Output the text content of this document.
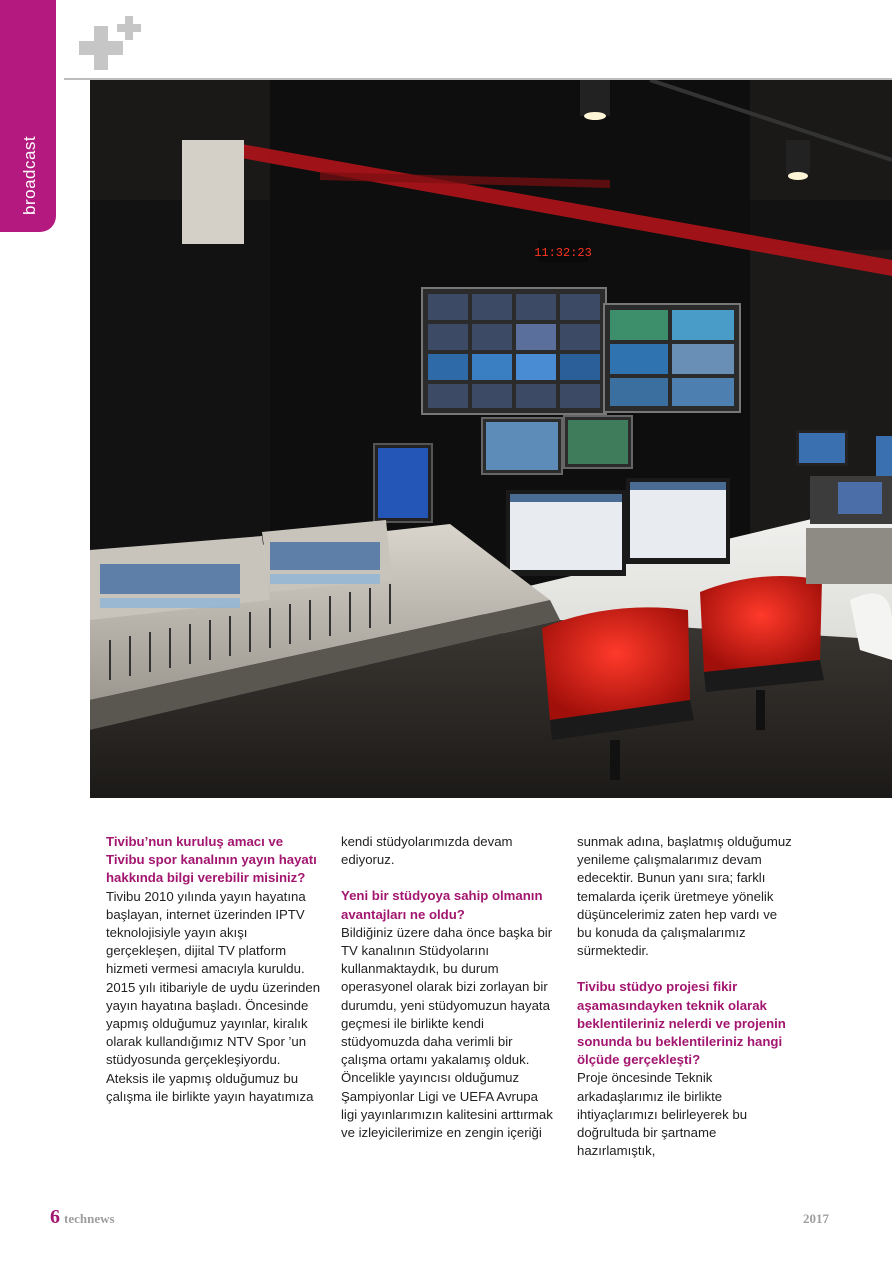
broadcast
11:32:23
Tivibu’nun kuruluş amacı ve Tivibu spor kanalının yayın hayatı hakkında bilgi verebilir misiniz?

Tivibu 2010 yılında yayın hayatına başlayan, internet üzerinden IPTV teknolojisiyle yayın akışı gerçekleşen, dijital TV platform hizmeti vermesi amacıyla kuruldu. 2015 yılı itibariyle de uydu üzerinden yayın hayatına başladı. Öncesinde yapmış olduğumuz yayınlar, kiralık olarak kullandığımız NTV Spor ’un stüdyosunda gerçekleşiyordu. Ateksis ile yapmış olduğumuz bu çalışma ile birlikte yayın hayatımıza

kendi stüdyolarımızda devam ediyoruz.

Yeni bir stüdyoya sahip olmanın avantajları ne oldu?

Bildiğiniz üzere daha önce başka bir TV kanalının Stüdyolarını kullanmaktaydık, bu durum operasyonel olarak bizi zorlayan bir durumdu, yeni stüdyomuzun hayata geçmesi ile birlikte kendi stüdyomuzda daha verimli bir çalışma ortamı yakalamış olduk. Öncelikle yayıncısı olduğumuz Şampiyonlar Ligi ve UEFA Avrupa ligi yayınlarımızın kalitesini arttırmak ve izleyicilerimize en zengin içeriği

sunmak adına, başlatmış olduğumuz yenileme çalışmalarımız devam edecektir. Bunun yanı sıra; farklı temalarda içerik üretmeye yönelik düşüncelerimiz zaten hep vardı ve bu konuda da çalışmalarımız sürmektedir.

Tivibu stüdyo projesi fikir aşamasındayken teknik olarak beklentileriniz nelerdi ve projenin sonunda bu beklentileriniz hangi ölçüde gerçekleşti?

Proje öncesinde Teknik arkadaşlarımız ile birlikte ihtiyaçlarımızı belirleyerek bu doğrultuda bir şartname hazırlamıştık,

6 technews	2017
